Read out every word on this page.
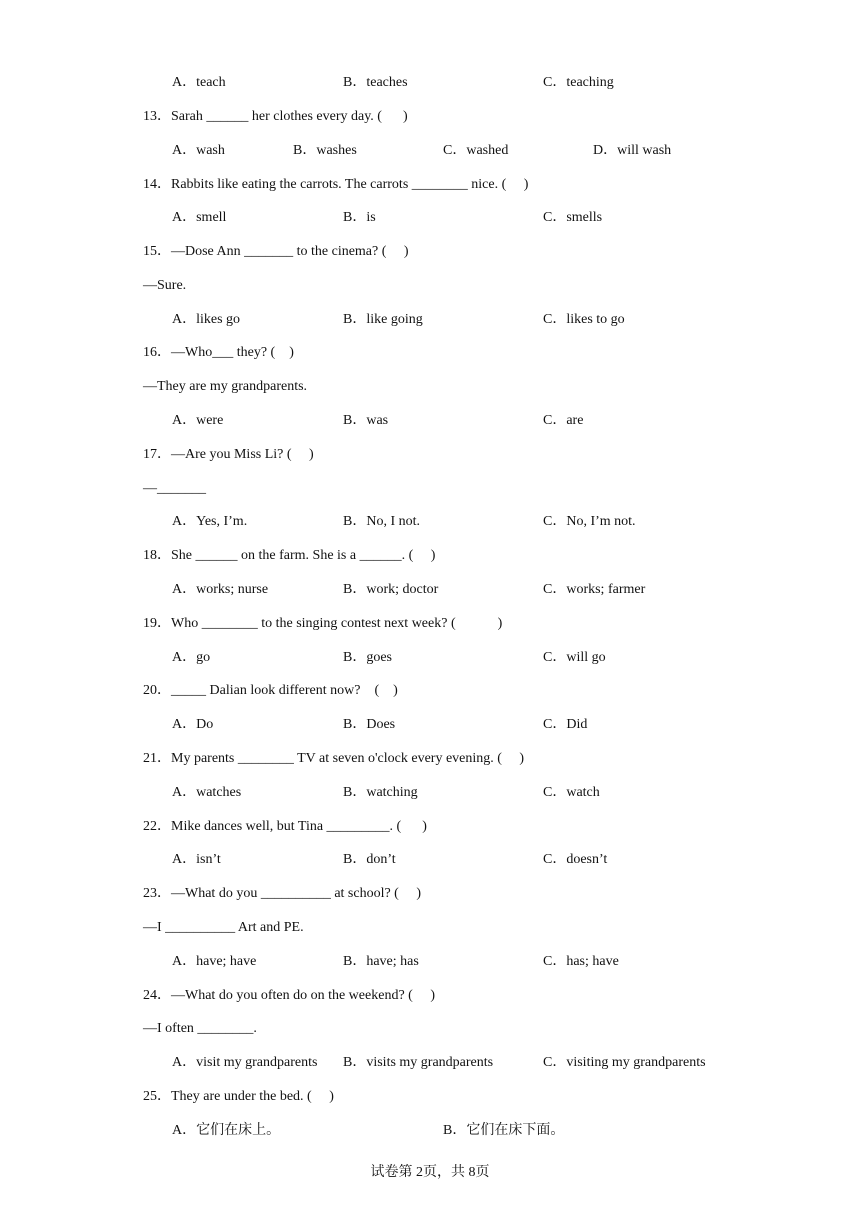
A．teach	B．teaches	C．teaching
13．Sarah ______ her clothes every day. (      )
A．wash	B．washes	C．washed	D．will wash
14．Rabbits like eating the carrots. The carrots ________ nice. (     )
A．smell	B．is	C．smells
15．—Dose Ann _______ to the cinema? (     )
—Sure.
A．likes go	B．like going	C．likes to go
16．—Who___ they? (    )
—They are my grandparents.
A．were	B．was	C．are
17．—Are you Miss Li? (     )
—_______
A．Yes, I’m.	B．No, I not.	C．No, I’m not.
18．She ______ on the farm. She is a ______. (     )
A．works; nurse	B．work; doctor	C．works; farmer
19．Who ________ to the singing contest next week? (            )
A．go	B．goes	C．will go
20．_____ Dalian look different now?    (    )
A．Do	B．Does	C．Did
21．My parents ________ TV at seven o'clock every evening. (     )
A．watches	B．watching	C．watch
22．Mike dances well, but Tina _________. (      )
A．isn’t	B．don’t	C．doesn’t
23．—What do you __________ at school? (     )
—I __________ Art and PE.
A．have; have	B．have; has	C．has; have
24．—What do you often do on the weekend? (     )
—I often ________.
A．visit my grandparents B．visits my grandparents	C．visiting my grandparents
25．They are under the bed. (     )
A．它们在床上。	B．它们在床下面。
试卷第 2页，共 8页
